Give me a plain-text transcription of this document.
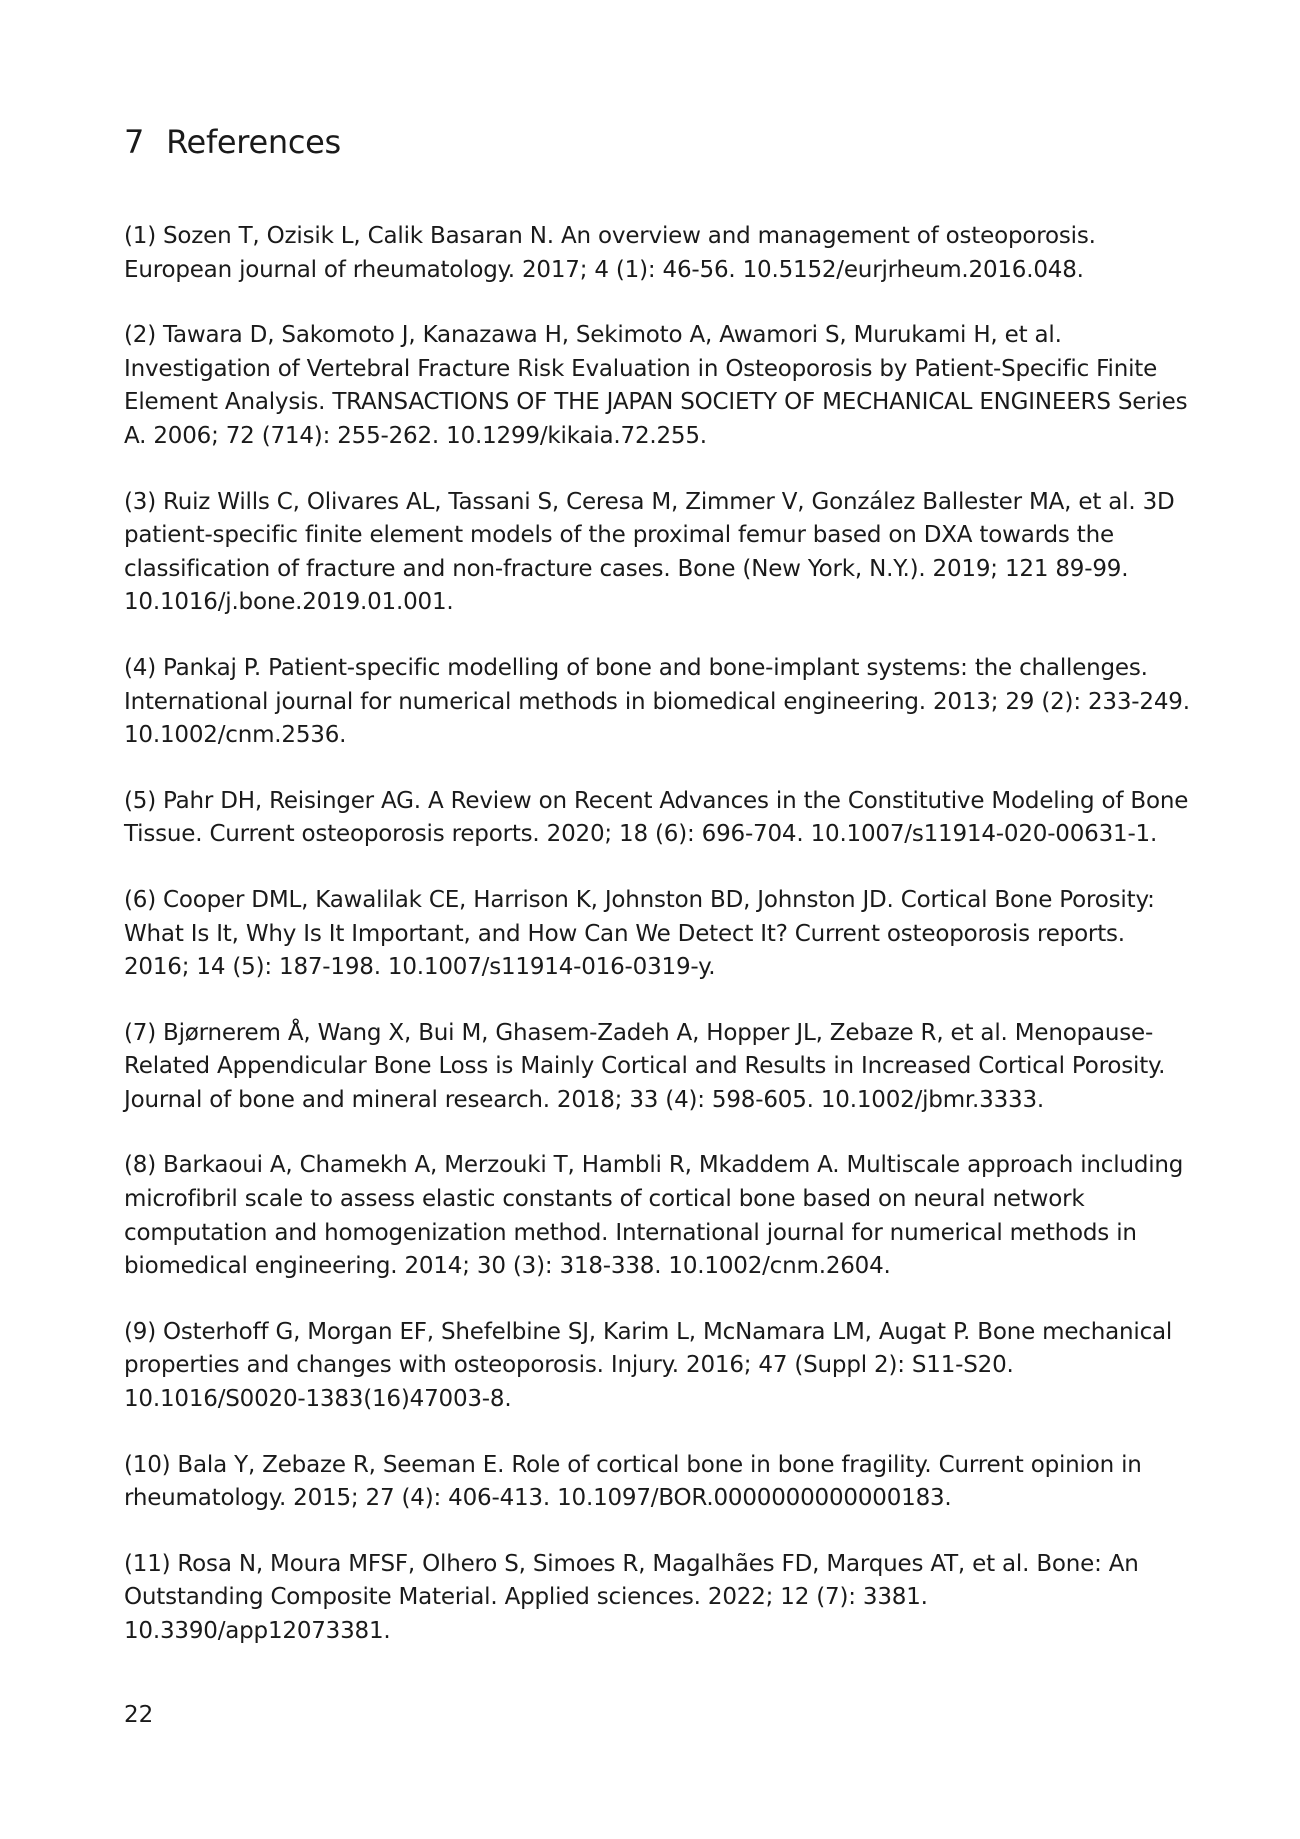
7 References
(1) Sozen T, Ozisik L, Calik Basaran N. An overview and management of osteoporosis. European journal of rheumatology. 2017; 4 (1): 46-56. 10.5152/eurjrheum.2016.048.
(2) Tawara D, Sakomoto J, Kanazawa H, Sekimoto A, Awamori S, Murukami H, et al. Investigation of Vertebral Fracture Risk Evaluation in Osteoporosis by Patient-Specific Finite Element Analysis. TRANSACTIONS OF THE JAPAN SOCIETY OF MECHANICAL ENGINEERS Series A. 2006; 72 (714): 255-262. 10.1299/kikaia.72.255.
(3) Ruiz Wills C, Olivares AL, Tassani S, Ceresa M, Zimmer V, González Ballester MA, et al. 3D patient-specific finite element models of the proximal femur based on DXA towards the classification of fracture and non-fracture cases. Bone (New York, N.Y.). 2019; 121 89-99. 10.1016/j.bone.2019.01.001.
(4) Pankaj P. Patient-specific modelling of bone and bone-implant systems: the challenges. International journal for numerical methods in biomedical engineering. 2013; 29 (2): 233-249. 10.1002/cnm.2536.
(5) Pahr DH, Reisinger AG. A Review on Recent Advances in the Constitutive Modeling of Bone Tissue. Current osteoporosis reports. 2020; 18 (6): 696-704. 10.1007/s11914-020-00631-1.
(6) Cooper DML, Kawalilak CE, Harrison K, Johnston BD, Johnston JD. Cortical Bone Porosity: What Is It, Why Is It Important, and How Can We Detect It? Current osteoporosis reports. 2016; 14 (5): 187-198. 10.1007/s11914-016-0319-y.
(7) Bjørnerem Å, Wang X, Bui M, Ghasem-Zadeh A, Hopper JL, Zebaze R, et al. Menopause-Related Appendicular Bone Loss is Mainly Cortical and Results in Increased Cortical Porosity. Journal of bone and mineral research. 2018; 33 (4): 598-605. 10.1002/jbmr.3333.
(8) Barkaoui A, Chamekh A, Merzouki T, Hambli R, Mkaddem A. Multiscale approach including microfibril scale to assess elastic constants of cortical bone based on neural network computation and homogenization method. International journal for numerical methods in biomedical engineering. 2014; 30 (3): 318-338. 10.1002/cnm.2604.
(9) Osterhoff G, Morgan EF, Shefelbine SJ, Karim L, McNamara LM, Augat P. Bone mechanical properties and changes with osteoporosis. Injury. 2016; 47 (Suppl 2): S11-S20. 10.1016/S0020-1383(16)47003-8.
(10) Bala Y, Zebaze R, Seeman E. Role of cortical bone in bone fragility. Current opinion in rheumatology. 2015; 27 (4): 406-413. 10.1097/BOR.0000000000000183.
(11) Rosa N, Moura MFSF, Olhero S, Simoes R, Magalhães FD, Marques AT, et al. Bone: An Outstanding Composite Material. Applied sciences. 2022; 12 (7): 3381. 10.3390/app12073381.
22
